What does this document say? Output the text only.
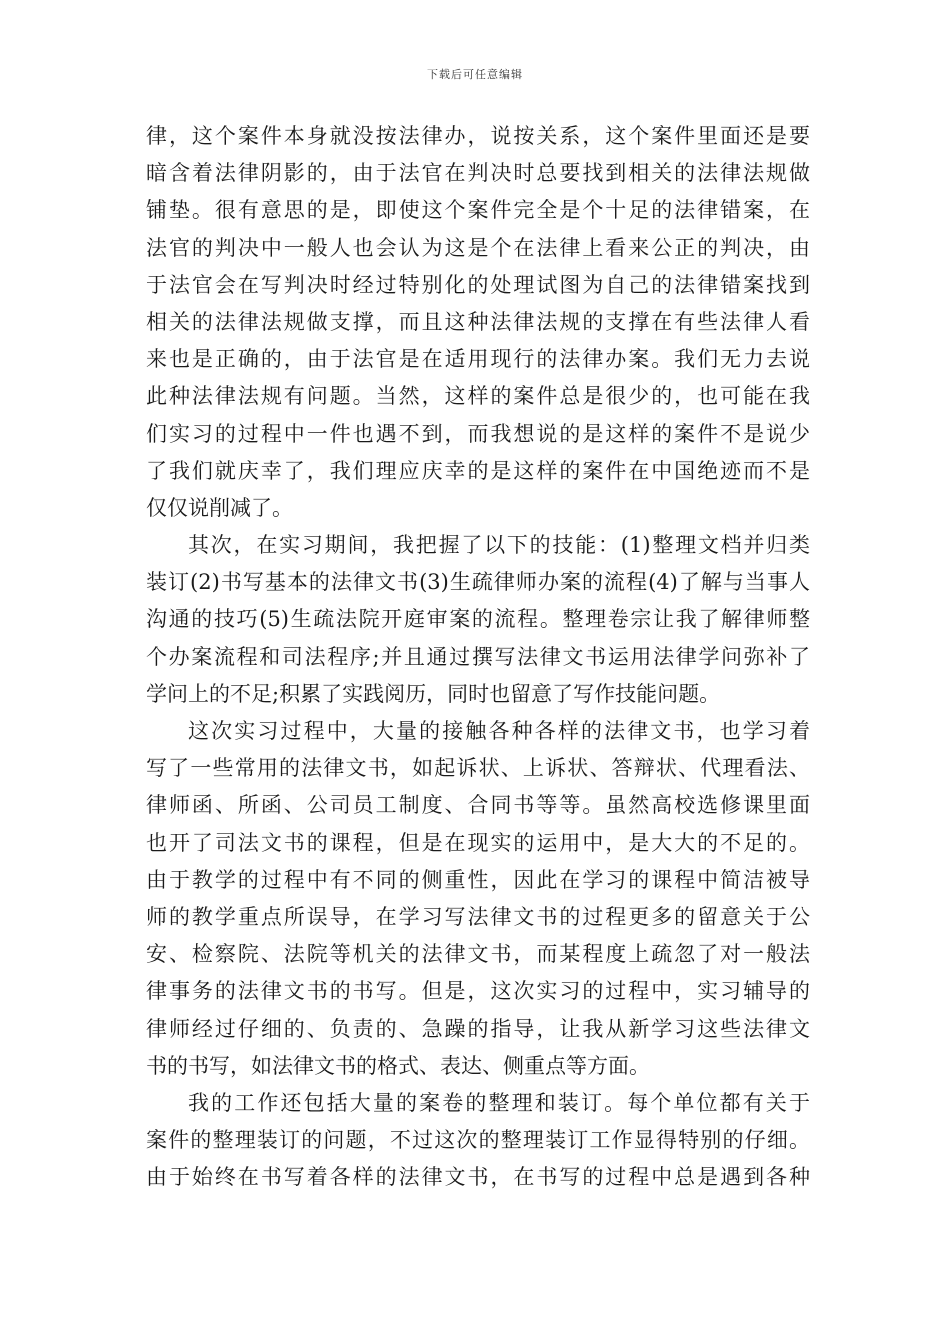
下载后可任意编辑
律，这个案件本身就没按法律办，说按关系，这个案件里面还是要
暗含着法律阴影的，由于法官在判决时总要找到相关的法律法规做
铺垫。很有意思的是，即使这个案件完全是个十足的法律错案，在
法官的判决中一般人也会认为这是个在法律上看来公正的判决，由
于法官会在写判决时经过特别化的处理试图为自己的法律错案找到
相关的法律法规做支撑，而且这种法律法规的支撑在有些法律人看
来也是正确的，由于法官是在适用现行的法律办案。我们无力去说
此种法律法规有问题。当然，这样的案件总是很少的，也可能在我
们实习的过程中一件也遇不到，而我想说的是这样的案件不是说少
了我们就庆幸了，我们理应庆幸的是这样的案件在中国绝迹而不是
仅仅说削减了。
其次，在实习期间，我把握了以下的技能：(1)整理文档并归类
装订(2)书写基本的法律文书(3)生疏律师办案的流程(4)了解与当事人
沟通的技巧(5)生疏法院开庭审案的流程。整理卷宗让我了解律师整
个办案流程和司法程序;并且通过撰写法律文书运用法律学问弥补了
学问上的不足;积累了实践阅历，同时也留意了写作技能问题。
这次实习过程中，大量的接触各种各样的法律文书，也学习着
写了一些常用的法律文书，如起诉状、上诉状、答辩状、代理看法、
律师函、所函、公司员工制度、合同书等等。虽然高校选修课里面
也开了司法文书的课程，但是在现实的运用中，是大大的不足的。
由于教学的过程中有不同的侧重性，因此在学习的课程中简洁被导
师的教学重点所误导，在学习写法律文书的过程更多的留意关于公
安、检察院、法院等机关的法律文书，而某程度上疏忽了对一般法
律事务的法律文书的书写。但是，这次实习的过程中，实习辅导的
律师经过仔细的、负责的、急躁的指导，让我从新学习这些法律文
书的书写，如法律文书的格式、表达、侧重点等方面。
我的工作还包括大量的案卷的整理和装订。每个单位都有关于
案件的整理装订的问题，不过这次的整理装订工作显得特别的仔细。
由于始终在书写着各样的法律文书，在书写的过程中总是遇到各种
